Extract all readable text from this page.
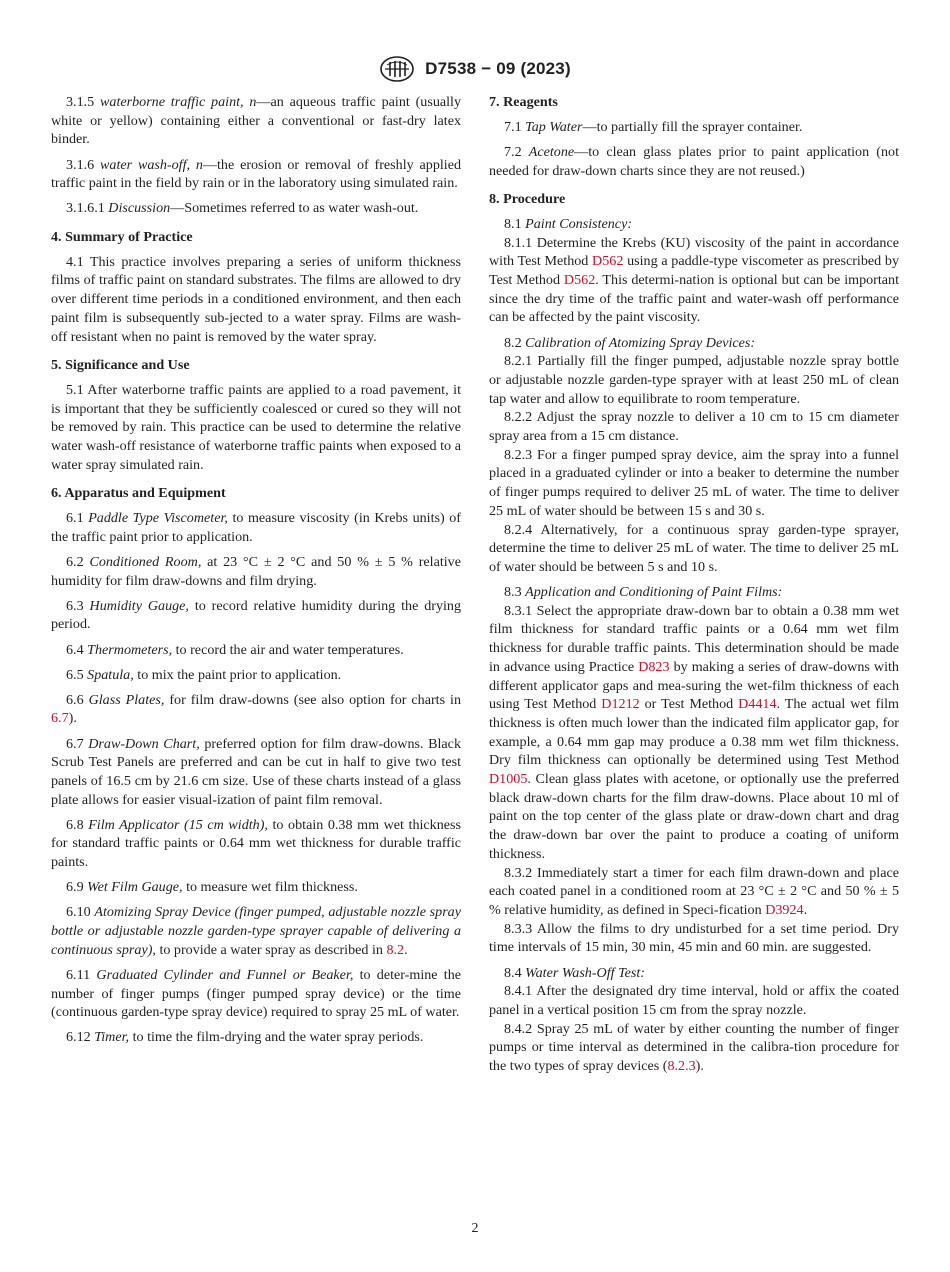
D7538 − 09 (2023)

3.1.5 waterborne traffic paint, n—an aqueous traffic paint (usually white or yellow) containing either a conventional or fast-dry latex binder.

3.1.6 water wash-off, n—the erosion or removal of freshly applied traffic paint in the field by rain or in the laboratory using simulated rain.

3.1.6.1 Discussion—Sometimes referred to as water wash-out.

4. Summary of Practice

4.1 This practice involves preparing a series of uniform thickness films of traffic paint on standard substrates. The films are allowed to dry over different time periods in a conditioned environment, and then each paint film is subsequently sub-jected to a water spray. Films are wash-off resistant when no paint is removed by the water spray.

5. Significance and Use

5.1 After waterborne traffic paints are applied to a road pavement, it is important that they be sufficiently coalesced or cured so they will not be removed by rain. This practice can be used to determine the relative water wash-off resistance of waterborne traffic paints when exposed to a water spray simulated rain.

6. Apparatus and Equipment

6.1 Paddle Type Viscometer, to measure viscosity (in Krebs units) of the traffic paint prior to application.

6.2 Conditioned Room, at 23 °C ± 2 °C and 50 % ± 5 % relative humidity for film draw-downs and film drying.

6.3 Humidity Gauge, to record relative humidity during the drying period.

6.4 Thermometers, to record the air and water temperatures.

6.5 Spatula, to mix the paint prior to application.

6.6 Glass Plates, for film draw-downs (see also option for charts in 6.7).

6.7 Draw-Down Chart, preferred option for film draw-downs. Black Scrub Test Panels are preferred and can be cut in half to give two test panels of 16.5 cm by 21.6 cm size. Use of these charts instead of a glass plate allows for easier visual-ization of paint film removal.

6.8 Film Applicator (15 cm width), to obtain 0.38 mm wet thickness for standard traffic paints or 0.64 mm wet thickness for durable traffic paints.

6.9 Wet Film Gauge, to measure wet film thickness.

6.10 Atomizing Spray Device (finger pumped, adjustable nozzle spray bottle or adjustable nozzle garden-type sprayer capable of delivering a continuous spray), to provide a water spray as described in 8.2.

6.11 Graduated Cylinder and Funnel or Beaker, to deter-mine the number of finger pumps (finger pumped spray device) or the time (continuous garden-type spray device) required to spray 25 mL of water.

6.12 Timer, to time the film-drying and the water spray periods.

7. Reagents

7.1 Tap Water—to partially fill the sprayer container.

7.2 Acetone—to clean glass plates prior to paint application (not needed for draw-down charts since they are not reused.)

8. Procedure

8.1 Paint Consistency:

8.1.1 Determine the Krebs (KU) viscosity of the paint in accordance with Test Method D562 using a paddle-type viscometer as prescribed by Test Method D562. This determi-nation is optional but can be important since the dry time of the traffic paint and water-wash off performance can be affected by the paint viscosity.

8.2 Calibration of Atomizing Spray Devices:

8.2.1 Partially fill the finger pumped, adjustable nozzle spray bottle or adjustable nozzle garden-type sprayer with at least 250 mL of clean tap water and allow to equilibrate to room temperature.

8.2.2 Adjust the spray nozzle to deliver a 10 cm to 15 cm diameter spray area from a 15 cm distance.

8.2.3 For a finger pumped spray device, aim the spray into a funnel placed in a graduated cylinder or into a beaker to determine the number of finger pumps required to deliver 25 mL of water. The time to deliver 25 mL of water should be between 15 s and 30 s.

8.2.4 Alternatively, for a continuous spray garden-type sprayer, determine the time to deliver 25 mL of water. The time to deliver 25 mL of water should be between 5 s and 10 s.

8.3 Application and Conditioning of Paint Films:

8.3.1 Select the appropriate draw-down bar to obtain a 0.38 mm wet film thickness for standard traffic paints or a 0.64 mm wet film thickness for durable traffic paints. This determination should be made in advance using Practice D823 by making a series of draw-downs with different applicator gaps and mea-suring the wet-film thickness of each using Test Method D1212 or Test Method D4414. The actual wet film thickness is often much lower than the indicated film applicator gap, for example, a 0.64 mm gap may produce a 0.38 mm wet film thickness. Dry film thickness can optionally be determined using Test Method D1005. Clean glass plates with acetone, or optionally use the preferred black draw-down charts for the film draw-downs. Place about 10 ml of paint on the top center of the glass plate or draw-down chart and drag the draw-down bar over the paint to produce a coating of uniform thickness.

8.3.2 Immediately start a timer for each film drawn-down and place each coated panel in a conditioned room at 23 °C ± 2 °C and 50 % ± 5 % relative humidity, as defined in Speci-fication D3924.

8.3.3 Allow the films to dry undisturbed for a set time period. Dry time intervals of 15 min, 30 min, 45 min and 60 min. are suggested.

8.4 Water Wash-Off Test:

8.4.1 After the designated dry time interval, hold or affix the coated panel in a vertical position 15 cm from the spray nozzle.

8.4.2 Spray 25 mL of water by either counting the number of finger pumps or time interval as determined in the calibra-tion procedure for the two types of spray devices (8.2.3).

2
